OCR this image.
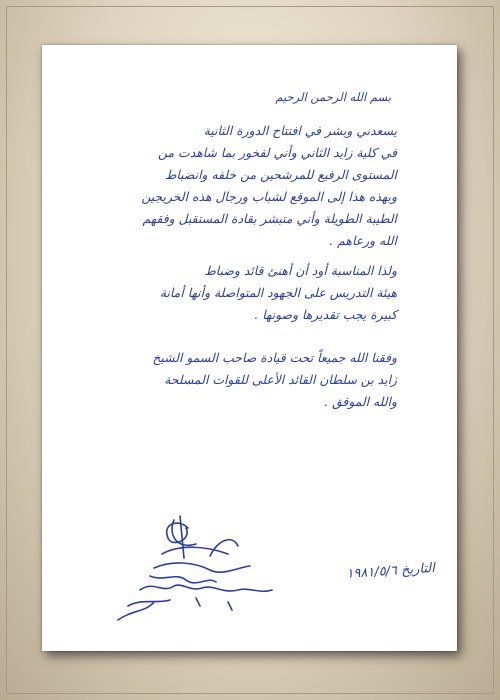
بسم الله الرحمن الرحيم
يسعدني وبشر في افتتاح الدورة الثانية
في كلية زايد الثاني وأني لفخور بما شاهدت من
المستوى الرفيع للمرشحين من خلفه وانضباط
وبهذه هذا إلى الموقع لشباب ورجال هذه الخريجين
الطيبة الطويلة وأني متبشر بقادة المستقبل وفقهم
الله ورعاهم .
ولذا المناسبة أود أن أهنئ قائد وضباط
هيئة التدريس على الجهود المتواصلة وأنها أمانة
كبيرة يجب تقديرها وصونها .
وفقنا الله جميعاً تحت قيادة صاحب السمو الشيخ
زايد بن سلطان القائد الأعلى للقوات المسلحة
والله الموفق .
التاريخ ١٩٨١/٥/٦
